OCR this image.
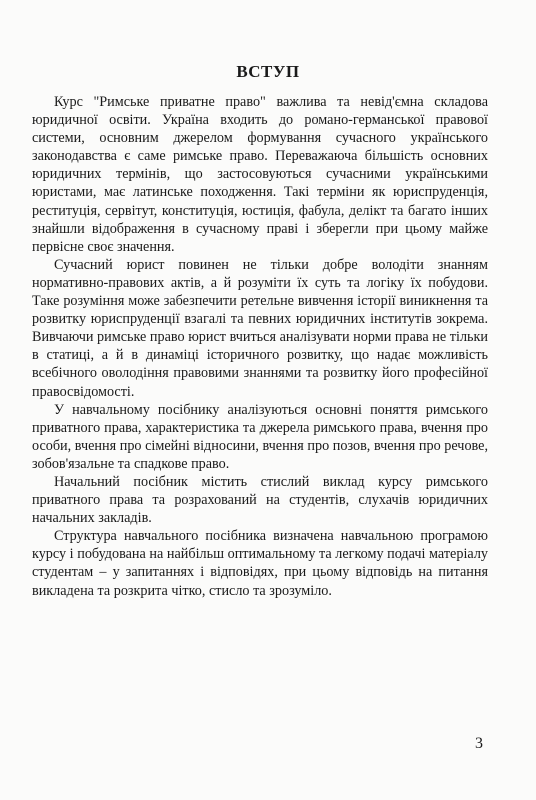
ВСТУП

Курс "Римське приватне право" важлива та невід'ємна складова юридичної освіти. Україна входить до романо-германської правової системи, основним джерелом формування сучасного українського законодавства є саме римське право. Переважаюча більшість основних юридичних термінів, що застосовуються сучасними українськими юристами, має латинське походження. Такі терміни як юриспруденція, реституція, сервітут, конституція, юстиція, фабула, делікт та багато інших знайшли відображення в сучасному праві і зберегли при цьому майже первісне своє значення.

Сучасний юрист повинен не тільки добре володіти знанням нормативно-правових актів, а й розуміти їх суть та логіку їх побудови. Таке розуміння може забезпечити ретельне вивчення історії виникнення та розвитку юриспруденції взагалі та певних юридичних інститутів зокрема. Вивчаючи римське право юрист вчиться аналізувати норми права не тільки в статиці, а й в динаміці історичного розвитку, що надає можливість всебічного оволодіння правовими знаннями та розвитку його професійної правосвідомості.

У навчальному посібнику аналізуються основні поняття римського приватного права, характеристика та джерела римського права, вчення про особи, вчення про сімейні відносини, вчення про позов, вчення про речове, зобов'язальне та спадкове право.

Начальний посібник містить стислий виклад курсу римського приватного права та розрахований на студентів, слухачів юридичних начальних закладів.

Структура навчального посібника визначена навчальною програмою курсу і побудована на найбільш оптимальному та легкому подачі матеріалу студентам – у запитаннях і відповідях, при цьому відповідь на питання викладена та розкрита чітко, стисло та зрозуміло.

3
